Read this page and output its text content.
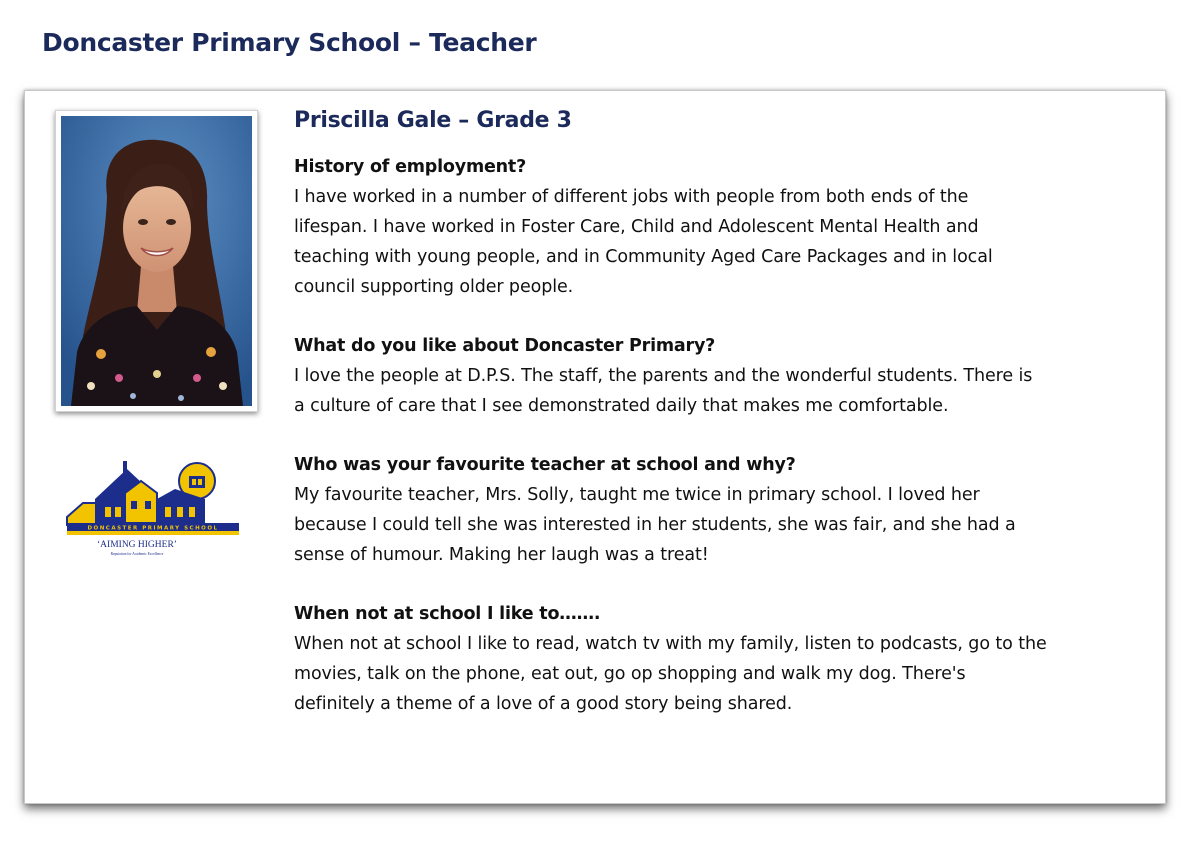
Doncaster Primary School – Teacher
DONCASTER PRIMARY SCHOOL
‘AIMING HIGHER’
Reputation for Academic Excellence
Priscilla Gale – Grade 3

History of employment?

I have worked in a number of different jobs with people from both ends of the
lifespan. I have worked in Foster Care, Child and Adolescent Mental Health and
teaching with young people, and in Community Aged Care Packages and in local
council supporting older people.

What do you like about Doncaster Primary?

I love the people at D.P.S. The staff, the parents and the wonderful students. There is
a culture of care that I see demonstrated daily that makes me comfortable.

Who was your favourite teacher at school and why?

My favourite teacher, Mrs. Solly, taught me twice in primary school. I loved her
because I could tell she was interested in her students, she was fair, and she had a
sense of humour. Making her laugh was a treat!

When not at school I like to…….

When not at school I like to read, watch tv with my family, listen to podcasts, go to the
movies, talk on the phone, eat out, go op shopping and walk my dog. There's
definitely a theme of a love of a good story being shared.
